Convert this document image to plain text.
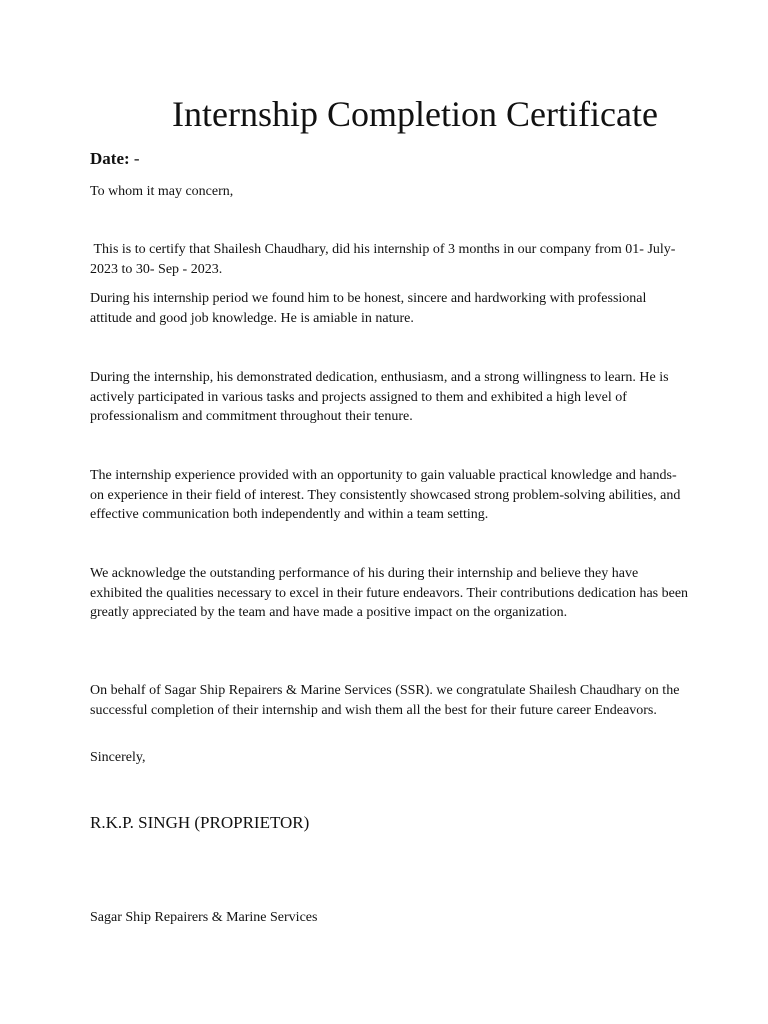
Internship Completion Certificate
Date: -

To whom it may concern,

This is to certify that Shailesh Chaudhary, did his internship of 3 months in our company from 01- July-2023 to 30- Sep - 2023.

During his internship period we found him to be honest, sincere and hardworking with professional attitude and good job knowledge. He is amiable in nature.

During the internship, his demonstrated dedication, enthusiasm, and a strong willingness to learn. He is actively participated in various tasks and projects assigned to them and exhibited a high level of professionalism and commitment throughout their tenure.

The internship experience provided with an opportunity to gain valuable practical knowledge and hands-on experience in their field of interest. They consistently showcased strong problem-solving abilities, and effective communication both independently and within a team setting.

We acknowledge the outstanding performance of his during their internship and believe they have exhibited the qualities necessary to excel in their future endeavors. Their contributions dedication has been greatly appreciated by the team and have made a positive impact on the organization.

On behalf of Sagar Ship Repairers & Marine Services (SSR). we congratulate Shailesh Chaudhary on the successful completion of their internship and wish them all the best for their future career Endeavors.

Sincerely,

R.K.P. SINGH (PROPRIETOR)

Sagar Ship Repairers & Marine Services
